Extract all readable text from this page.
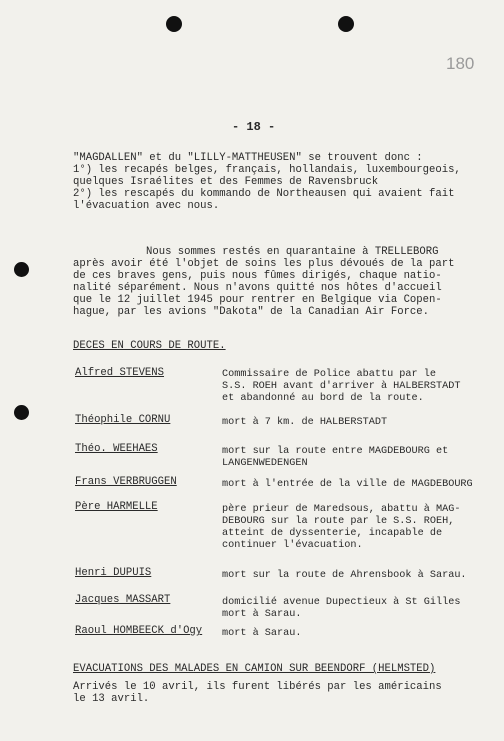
180
- 18 -
"MAGDALLEN" et du "LILLY-MATTHEUSEN" se trouvent donc :
1°) les recapés belges, français, hollandais, luxembourgeois,
quelques Israélites et des Femmes de Ravensbruck
2°) les rescapés du kommando de Northeausen qui avaient fait
l'évacuation avec nous.
Nous sommes restés en quarantaine à TRELLEBORG
après avoir été l'objet de soins les plus dévoués de la part
de ces braves gens, puis nous fûmes dirigés, chaque natio-
nalité séparément. Nous n'avons quitté nos hôtes d'accueil
que le 12 juillet 1945 pour rentrer en Belgique via Copen-
hague, par les avions "Dakota" de la Canadian Air Force.
DECES EN COURS DE ROUTE.
Alfred STEVENS	Commissaire de Police abattu par le
S.S. ROEH avant d'arriver à HALBERSTADT
et abandonné au bord de la route.
Théophile CORNU	mort à 7 km. de HALBERSTADT
Théo. WEEHAES	mort sur la route entre MAGDEBOURG et
LANGENWEDENGEN
Frans VERBRUGGEN	mort à l'entrée de la ville de MAGDEBOURG
Père HARMELLE	père prieur de Maredsous, abattu à MAG-
DEBOURG sur la route par le S.S. ROEH,
atteint de dyssenterie, incapable de
continuer l'évacuation.
Henri DUPUIS	mort sur la route de Ahrensbook à Sarau.
Jacques MASSART	domicilié avenue Dupectieux à St Gilles
mort à Sarau.
Raoul HOMBEECK d'Ogy mort à Sarau.
EVACUATIONS DES MALADES EN CAMION SUR BEENDORF (HELMSTED)
Arrivés le 10 avril, ils furent libérés par les américains
le 13 avril.
